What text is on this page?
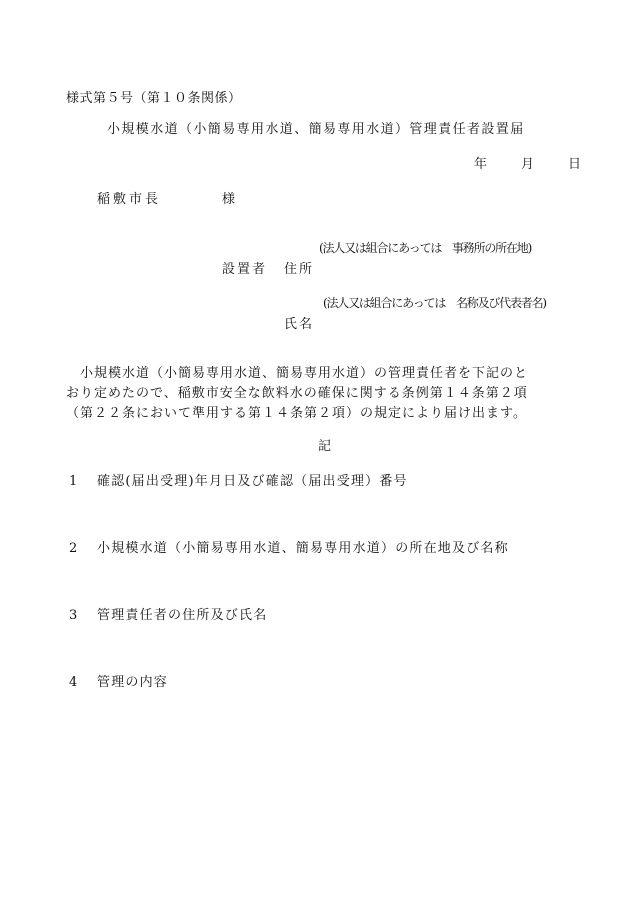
様式第５号（第１０条関係）
小規模水道（小簡易専用水道、簡易専用水道）管理責任者設置届
年	月	日
稲敷市長	様
(法人又は組合にあっては　事務所の所在地)
設置者 住所
(法人又は組合にあっては　名称及び代表者名)
氏名
　小規模水道（小簡易専用水道、簡易専用水道）の管理責任者を下記のと
おり定めたので、稲敷市安全な飲料水の確保に関する条例第１４条第２項
（第２２条において準用する第１４条第２項）の規定により届け出ます。
記
1 確認(届出受理)年月日及び確認（届出受理）番号
2 小規模水道（小簡易専用水道、簡易専用水道）の所在地及び名称
3 管理責任者の住所及び氏名
4 管理の内容
